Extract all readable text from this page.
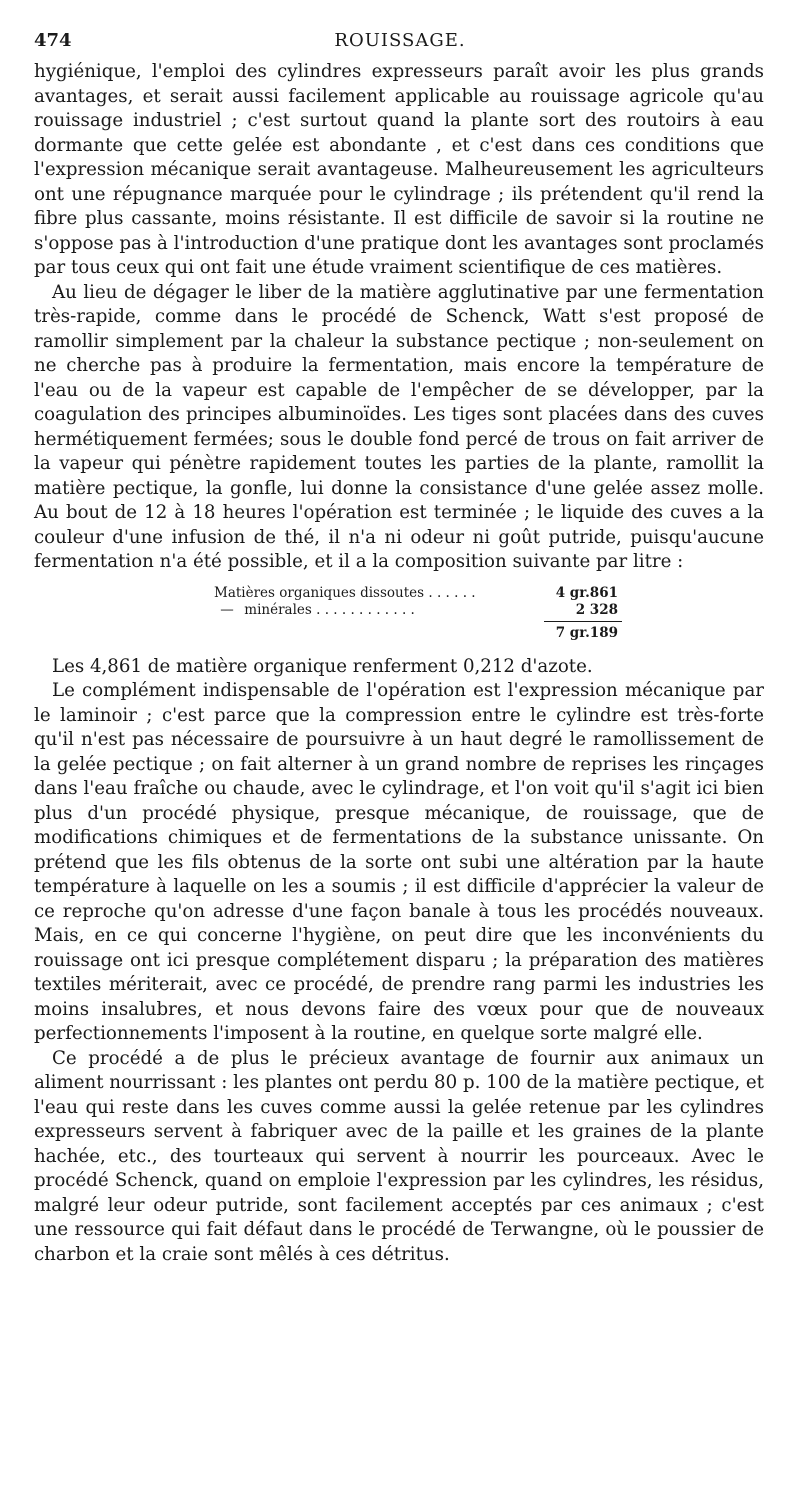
474	ROUISSAGE.

hygiénique, l'emploi des cylindres expresseurs paraît avoir les plus grands avantages, et serait aussi facilement applicable au rouissage agricole qu'au rouissage industriel ; c'est surtout quand la plante sort des routoirs à eau dormante que cette gelée est abondante , et c'est dans ces conditions que l'expression mécanique serait avantageuse. Malheureusement les agriculteurs ont une répugnance marquée pour le cylindrage ; ils prétendent qu'il rend la fibre plus cassante, moins résistante. Il est difficile de savoir si la routine ne s'oppose pas à l'introduction d'une pratique dont les avantages sont proclamés par tous ceux qui ont fait une étude vraiment scientifique de ces matières.

Au lieu de dégager le liber de la matière agglutinative par une fermentation très-rapide, comme dans le procédé de Schenck, Watt s'est proposé de ramollir simplement par la chaleur la substance pectique ; non-seulement on ne cherche pas à produire la fermentation, mais encore la température de l'eau ou de la vapeur est capable de l'empêcher de se développer, par la coagulation des principes albuminoïdes. Les tiges sont placées dans des cuves hermétiquement fermées; sous le double fond percé de trous on fait arriver de la vapeur qui pénètre rapidement toutes les parties de la plante, ramollit la matière pectique, la gonfle, lui donne la consistance d'une gelée assez molle. Au bout de 12 à 18 heures l'opération est terminée ; le liquide des cuves a la couleur d'une infusion de thé, il n'a ni odeur ni goût putride, puisqu'aucune fermentation n'a été possible, et il a la composition suivante par litre :

Matières organiques dissoutes . . . . . .	4 gr.861
— minérales . . . . . . . . . . . .	2 328
7 gr.189

Les 4,861 de matière organique renferment 0,212 d'azote.

Le complément indispensable de l'opération est l'expression mécanique par le laminoir ; c'est parce que la compression entre le cylindre est très-forte qu'il n'est pas nécessaire de poursuivre à un haut degré le ramollissement de la gelée pectique ; on fait alterner à un grand nombre de reprises les rinçages dans l'eau fraîche ou chaude, avec le cylindrage, et l'on voit qu'il s'agit ici bien plus d'un procédé physique, presque mécanique, de rouissage, que de modifications chimiques et de fermentations de la substance unissante. On prétend que les fils obtenus de la sorte ont subi une altération par la haute température à laquelle on les a soumis ; il est difficile d'apprécier la valeur de ce reproche qu'on adresse d'une façon banale à tous les procédés nouveaux. Mais, en ce qui concerne l'hygiène, on peut dire que les inconvénients du rouissage ont ici presque complétement disparu ; la préparation des matières textiles mériterait, avec ce procédé, de prendre rang parmi les industries les moins insalubres, et nous devons faire des vœux pour que de nouveaux perfectionnements l'imposent à la routine, en quelque sorte malgré elle.

Ce procédé a de plus le précieux avantage de fournir aux animaux un aliment nourrissant : les plantes ont perdu 80 p. 100 de la matière pectique, et l'eau qui reste dans les cuves comme aussi la gelée retenue par les cylindres expresseurs servent à fabriquer avec de la paille et les graines de la plante hachée, etc., des tourteaux qui servent à nourrir les pourceaux. Avec le procédé Schenck, quand on emploie l'expression par les cylindres, les résidus, malgré leur odeur putride, sont facilement acceptés par ces animaux ; c'est une ressource qui fait défaut dans le procédé de Terwangne, où le poussier de charbon et la craie sont mêlés à ces détritus.
